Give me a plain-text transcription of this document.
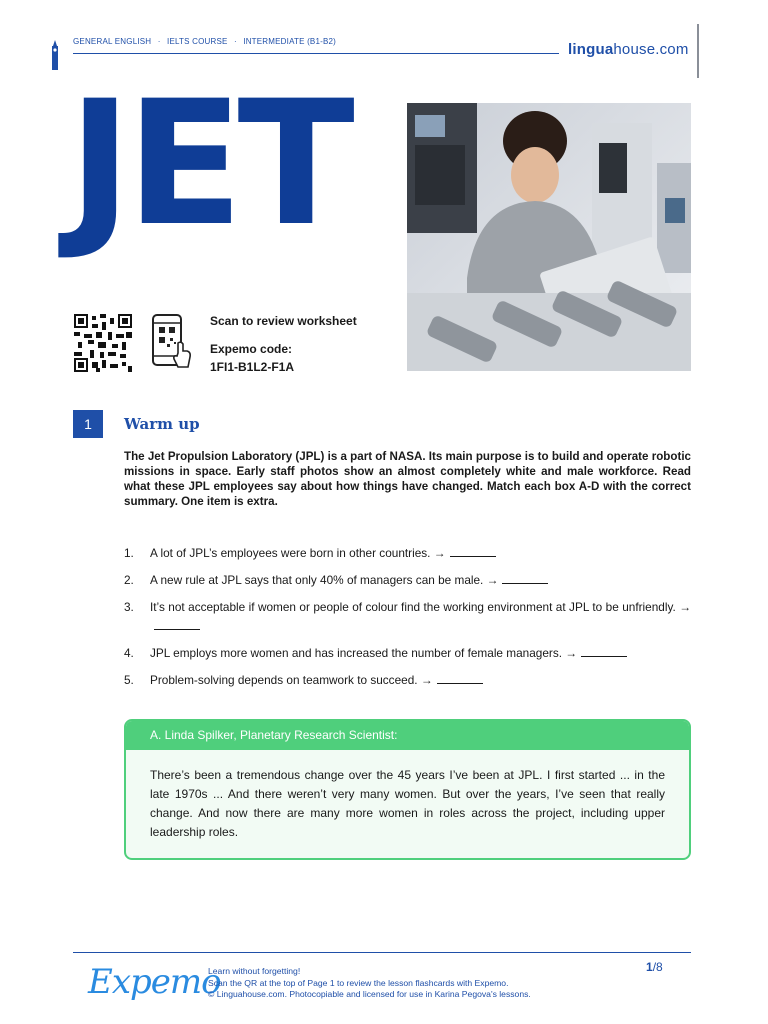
GENERAL ENGLISH · IELTS COURSE · INTERMEDIATE (B1-B2)	linguahouse.com
JET
Scan to review worksheet
Expemo code:
1FI1-B1L2-F1A
1	Warm up

The Jet Propulsion Laboratory (JPL) is a part of NASA. Its main purpose is to build and operate robotic missions in space. Early staff photos show an almost completely white and male workforce. Read what these JPL employees say about how things have changed. Match each box A-D with the correct summary. One item is extra.

1. A lot of JPL’s employees were born in other countries. →
2. A new rule at JPL says that only 40% of managers can be male. →
3. It’s not acceptable if women or people of colour find the working environment at JPL to be unfriendly. →
4. JPL employs more women and has increased the number of female managers. →
5. Problem-solving depends on teamwork to succeed. →
A. Linda Spilker, Planetary Research Scientist:
There’s been a tremendous change over the 45 years I’ve been at JPL. I first started ... in the late 1970s ... And there weren’t very many women. But over the years, I’ve seen that really change. And now there are many more women in roles across the project, including upper leadership roles.
Expemo
Learn without forgetting!
Scan the QR at the top of Page 1 to review the lesson flashcards with Expemo.
© Linguahouse.com. Photocopiable and licensed for use in Karina Pegova's lessons.
1/8
